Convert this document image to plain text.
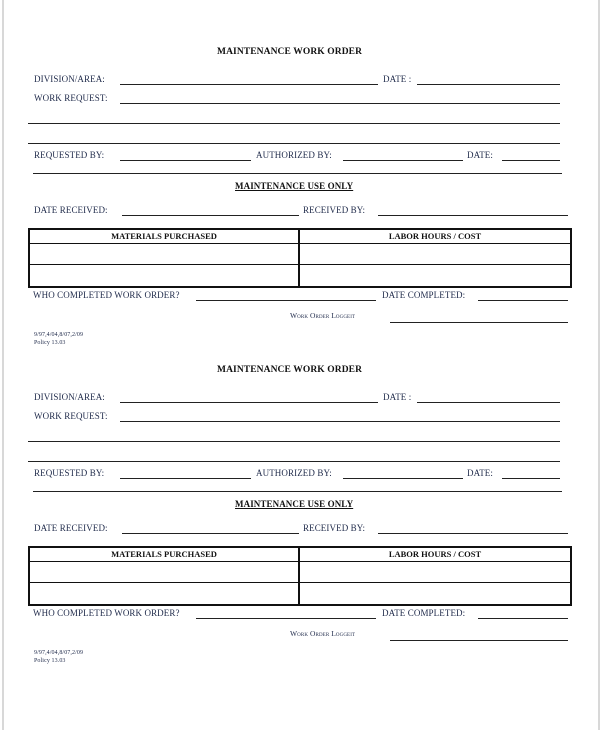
MAINTENANCE WORK ORDER
DIVISION/AREA:	DATE :
WORK REQUEST:
REQUESTED BY:	AUTHORIZED BY:	DATE:
MAINTENANCE USE ONLY
DATE RECEIVED:	RECEIVED BY:
MATERIALS PURCHASED	LABOR HOURS / COST
WHO COMPLETED WORK ORDER?	DATE COMPLETED:
Work Order Loggeit
9/97,4/04,8/07,2/09
Policy 13.03
MAINTENANCE WORK ORDER
DIVISION/AREA:	DATE :
WORK REQUEST:
REQUESTED BY:	AUTHORIZED BY:	DATE:
MAINTENANCE USE ONLY
DATE RECEIVED:	RECEIVED BY:
MATERIALS PURCHASED	LABOR HOURS / COST
WHO COMPLETED WORK ORDER?	DATE COMPLETED:
Work Order Loggeit
9/97,4/04,8/07,2/09
Policy 13.03
